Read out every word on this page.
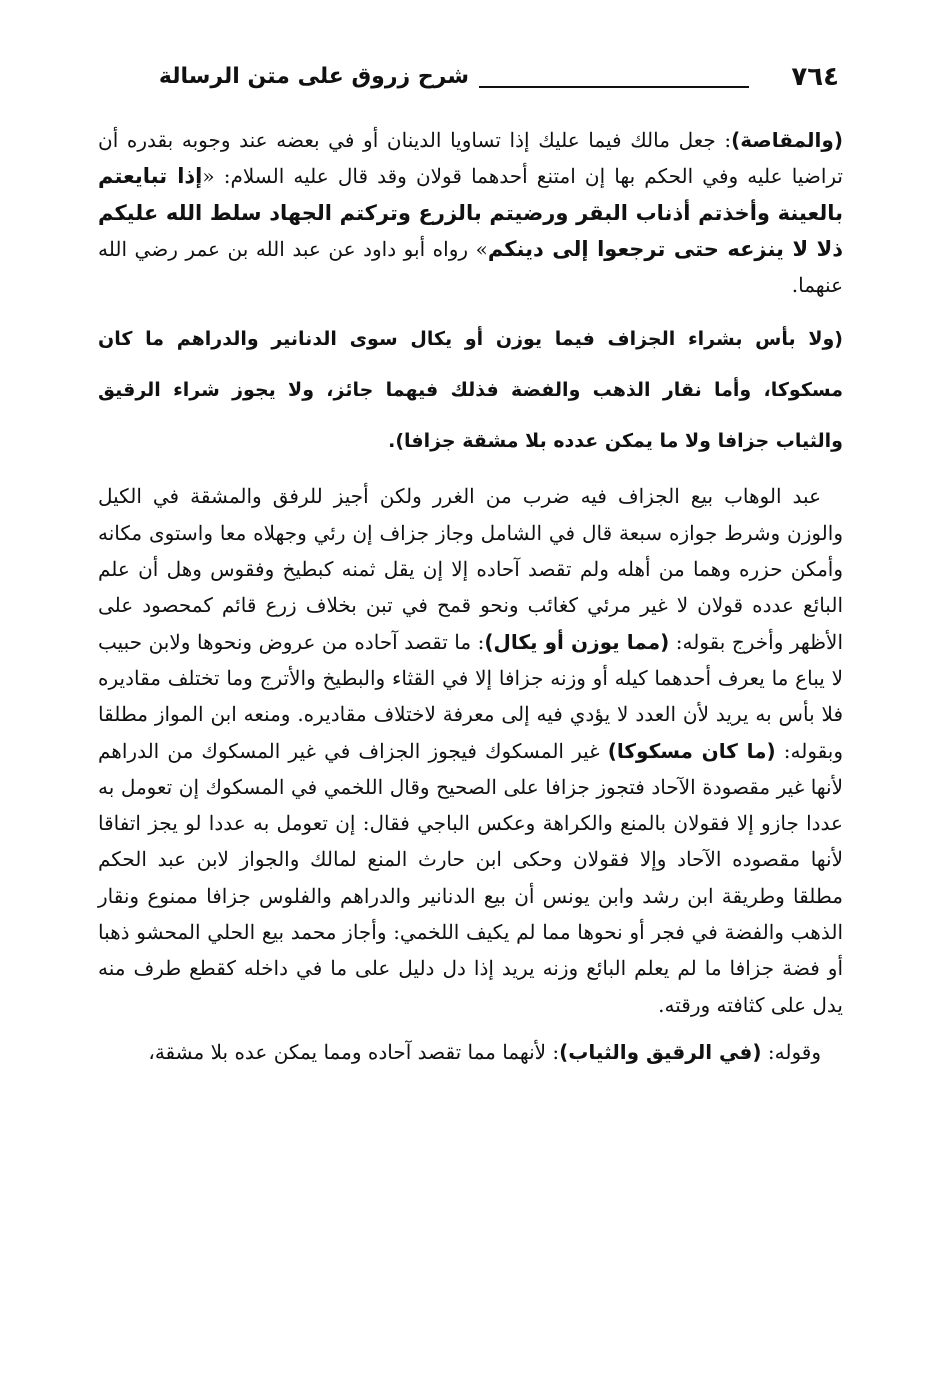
٧٦٤
شرح زروق على متن الرسالة

(والمقاصة): جعل مالك فيما عليك إذا تساويا الدينان أو في بعضه عند وجوبه بقدره أن تراضيا عليه وفي الحكم بها إن امتنع أحدهما قولان وقد قال عليه السلام: «إذا تبايعتم بالعينة وأخذتم أذناب البقر ورضيتم بالزرع وتركتم الجهاد سلط الله عليكم ذلا لا ينزعه حتى ترجعوا إلى دينكم» رواه أبو داود عن عبد الله بن عمر رضي الله عنهما.

(ولا بأس بشراء الجزاف فيما يوزن أو يكال سوى الدنانير والدراهم ما كان مسكوكا، وأما نقار الذهب والفضة فذلك فيهما جائز، ولا يجوز شراء الرقيق والثياب جزافا ولا ما يمكن عدده بلا مشقة جزافا).

عبد الوهاب بيع الجزاف فيه ضرب من الغرر ولكن أجيز للرفق والمشقة في الكيل والوزن وشرط جوازه سبعة قال في الشامل وجاز جزاف إن رئي وجهلاه معا واستوى مكانه وأمكن حزره وهما من أهله ولم تقصد آحاده إلا إن يقل ثمنه كبطيخ وفقوس وهل أن علم البائع عدده قولان لا غير مرئي كغائب ونحو قمح في تبن بخلاف زرع قائم كمحصود على الأظهر وأخرج بقوله: (مما يوزن أو يكال): ما تقصد آحاده من عروض ونحوها ولابن حبيب لا يباع ما يعرف أحدهما كيله أو وزنه جزافا إلا في القثاء والبطيخ والأترج وما تختلف مقاديره فلا بأس به يريد لأن العدد لا يؤدي فيه إلى معرفة لاختلاف مقاديره. ومنعه ابن المواز مطلقا وبقوله: (ما كان مسكوكا) غير المسكوك فيجوز الجزاف في غير المسكوك من الدراهم لأنها غير مقصودة الآحاد فتجوز جزافا على الصحيح وقال اللخمي في المسكوك إن تعومل به عددا جازو إلا فقولان بالمنع والكراهة وعكس الباجي فقال: إن تعومل به عددا لو يجز اتفاقا لأنها مقصوده الآحاد وإلا فقولان وحكى ابن حارث المنع لمالك والجواز لابن عبد الحكم مطلقا وطريقة ابن رشد وابن يونس أن بيع الدنانير والدراهم والفلوس جزافا ممنوع ونقار الذهب والفضة في فجر أو نحوها مما لم يكيف اللخمي: وأجاز محمد بيع الحلي المحشو ذهبا أو فضة جزافا ما لم يعلم البائع وزنه يريد إذا دل دليل على ما في داخله كقطع طرف منه يدل على كثافته ورقته.

وقوله: (في الرقيق والثياب): لأنهما مما تقصد آحاده ومما يمكن عده بلا مشقة،
